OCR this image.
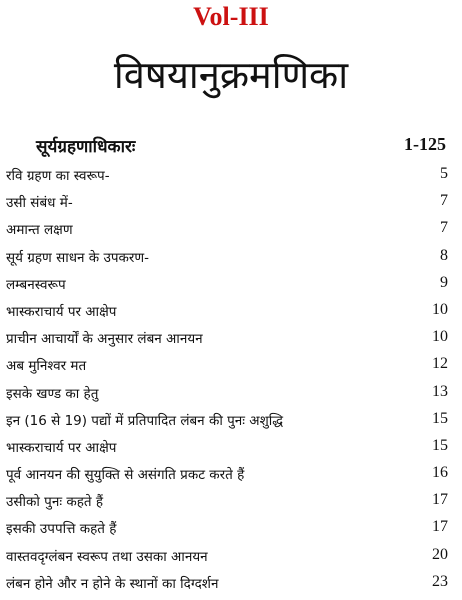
Vol-III
विषयानुक्रमणिका
सूर्यग्रहणाधिकारः	1-125
रवि ग्रहण का स्वरूप-	5
उसी संबंध में-	7
अमान्त लक्षण	7
सूर्य ग्रहण साधन के उपकरण-	8
लम्बनस्वरूप	9
भास्कराचार्य पर आक्षेप	10
प्राचीन आचार्यों के अनुसार लंबन आनयन	10
अब मुनिश्वर मत	12
इसके खण्ड का हेतु	13
इन (16 से 19) पद्यों में प्रतिपादित लंबन की पुनः अशुद्धि	15
भास्कराचार्य पर आक्षेप	15
पूर्व आनयन की सुयुक्ति से असंगति प्रकट करते हैं	16
उसीको पुनः कहते हैं	17
इसकी उपपत्ति कहते हैं	17
वास्तवदृग्लंबन स्वरूप तथा उसका आनयन	20
लंबन होने और न होने के स्थानों का दिग्दर्शन	23
